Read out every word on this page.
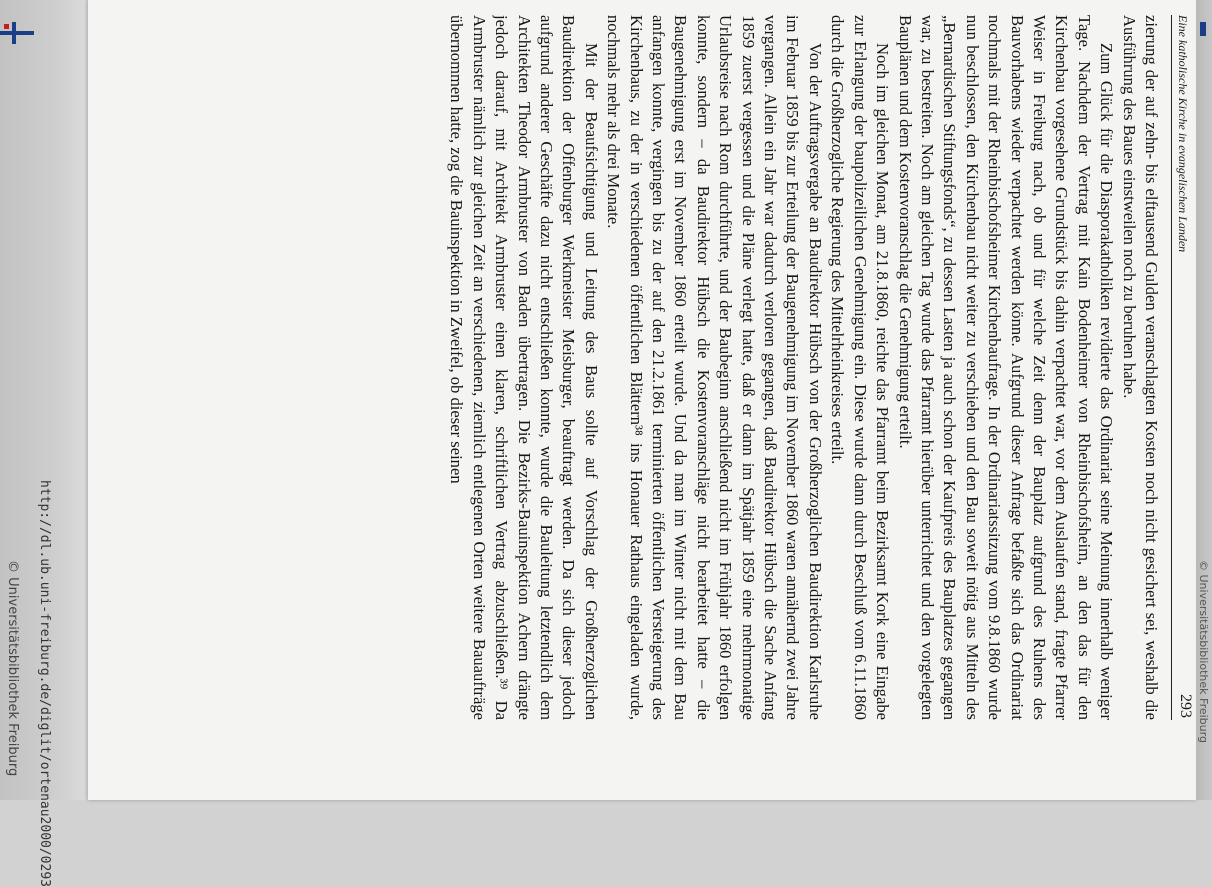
http://dl.ub.uni-freiburg.de/diglit/ortenau2000/0293
© Universitätsbibliothek Freiburg
Eine katholische Kirche in evangelischen Landen
293

zierung der auf zehn- bis elftausend Gulden veranschlagten Kosten noch nicht gesichert sei, weshalb die Ausführung des Baues einstweilen noch zu beruhen habe.

Zum Glück für die Diasporakatholiken revidierte das Ordinariat seine Meinung innerhalb weniger Tage. Nachdem der Vertrag mit Kain Bodenheimer von Rheinbischofsheim, an den das für den Kirchenbau vorgesehene Grundstück bis dahin verpachtet war, vor dem Auslaufen stand, fragte Pfarrer Weiser in Freiburg nach, ob und für welche Zeit denn der Bauplatz aufgrund des Ruhens des Bauvorhabens wieder verpachtet werden könne. Aufgrund dieser Anfrage befaßte sich das Ordinariat nochmals mit der Rheinbischofsheimer Kirchenbaufrage. In der Ordinariatssitzung vom 9.8.1860 wurde nun beschlossen, den Kirchenbau nicht weiter zu verschieben und den Bau soweit nötig aus Mitteln des „Bernardischen Stiftungsfonds“, zu dessen Lasten ja auch schon der Kaufpreis des Bauplatzes gegangen war, zu bestreiten. Noch am gleichen Tag wurde das Pfarramt hierüber unterrichtet und den vorgelegten Bauplänen und dem Kostenvoranschlag die Genehmigung erteilt.

Noch im gleichen Monat, am 21.8.1860, reichte das Pfarramt beim Bezirksamt Kork eine Eingabe zur Erlangung der baupolizeilichen Genehmigung ein. Diese wurde dann durch Beschluß vom 6.11.1860 durch die Großherzogliche Regierung des Mittelrheinkreises erteilt.

Von der Auftragsvergabe an Baudirektor Hübsch von der Großherzoglichen Baudirektion Karlsruhe im Februar 1859 bis zur Erteilung der Baugenehmigung im November 1860 waren annähernd zwei Jahre vergangen. Allein ein Jahr war dadurch verloren gegangen, daß Baudirektor Hübsch die Sache Anfang 1859 zuerst vergessen und die Pläne verlegt hatte, daß er dann im Spätjahr 1859 eine mehrmonatige Urlaubsreise nach Rom durchführte, und der Baubeginn anschließend nicht im Frühjahr 1860 erfolgen konnte, sondern – da Baudirektor Hübsch die Kostenvoranschläge nicht bearbeitet hatte – die Baugenehmigung erst im November 1860 erteilt wurde. Und da man im Winter nicht mit dem Bau anfangen konnte, vergingen bis zu der auf den 21.2.1861 terminierten öffentlichen Versteigerung des Kirchenbaus, zu der in verschiedenen öffentlichen Blättern³⁸ ins Honauer Rathaus eingeladen wurde, nochmals mehr als drei Monate.

Mit der Beaufsichtigung und Leitung des Baus sollte auf Vorschlag der Großherzoglichen Baudirektion der Offenburger Werkmeister Meisburger, beauftragt werden. Da sich dieser jedoch aufgrund anderer Geschäfte dazu nicht entschließen konnte, wurde die Bauleitung letztendlich dem Architekten Theodor Armbruster von Baden übertragen. Die Bezirks-Bauinspektion Achern drängte jedoch darauf, mit Architekt Armbruster einen klaren, schriftlichen Vertrag abzuschließen.³⁹ Da Armbruster nämlich zur gleichen Zeit an verschiedenen, ziemlich entlegenen Orten weitere Bauaufträge übernommen hatte, zog die Bauinspektion in Zweifel, ob dieser seinen

© Universitätsbibliothek Freiburg
